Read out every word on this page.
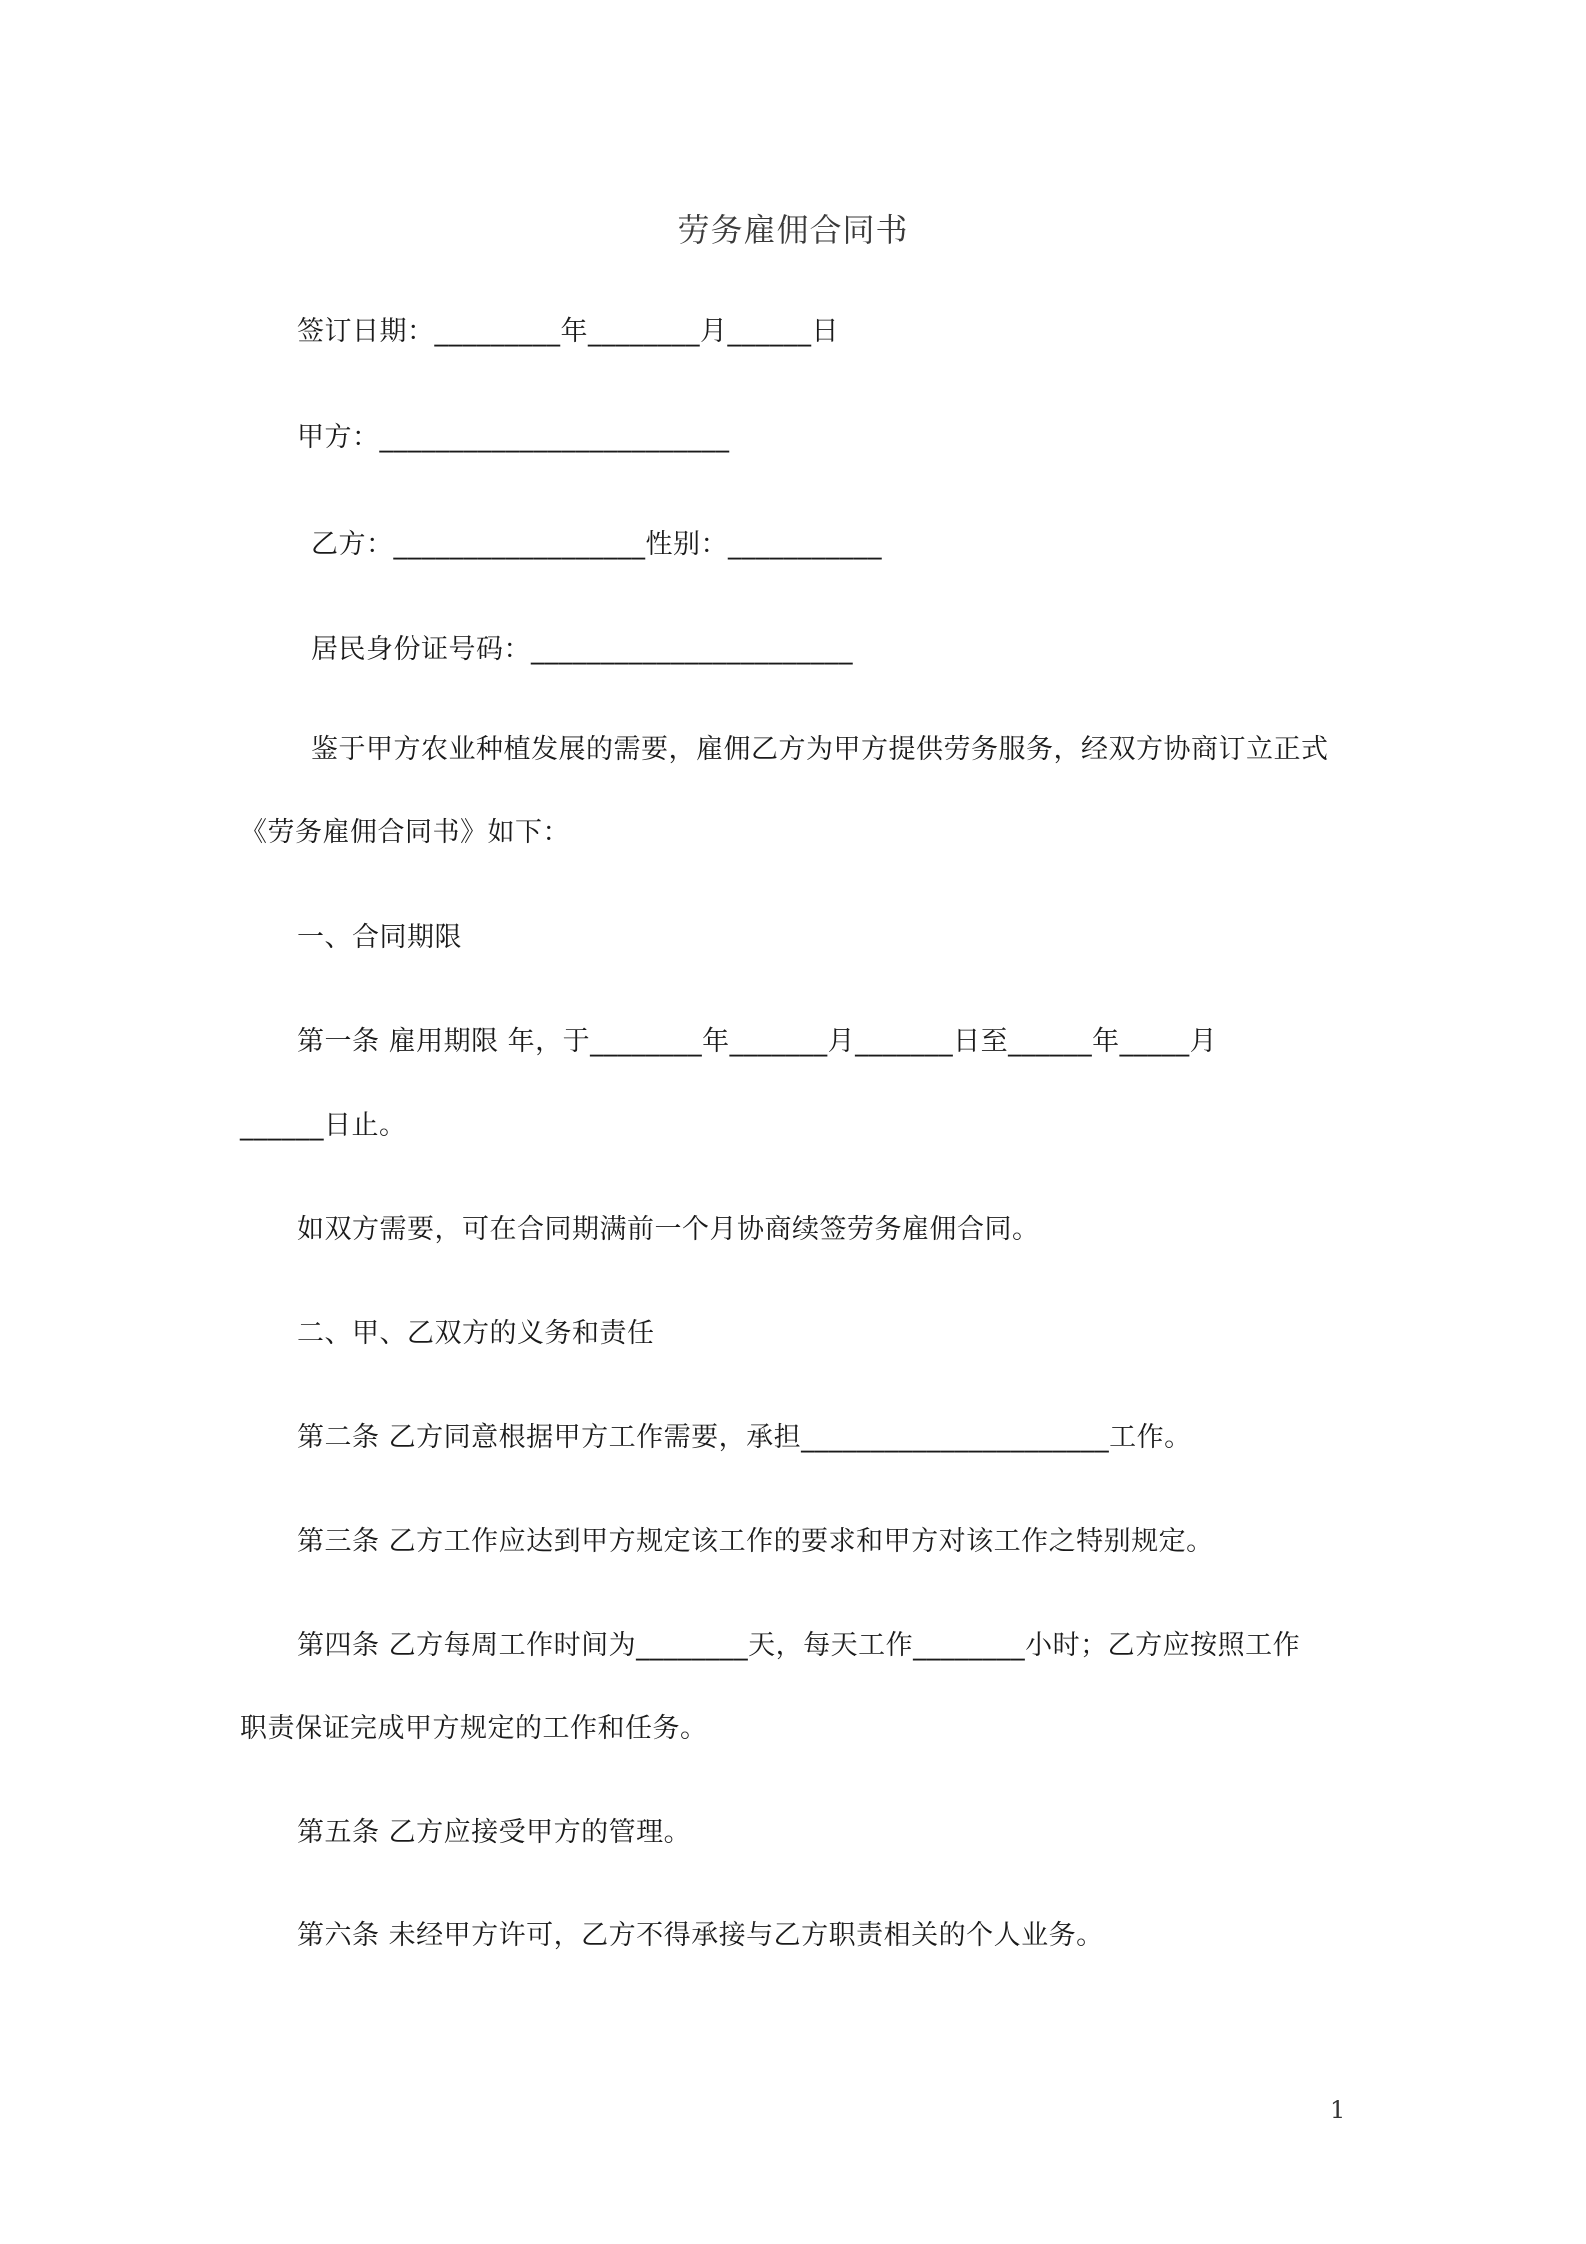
劳务雇佣合同书
签订日期：_________年________月______日
甲方：_________________________
乙方：__________________性别：___________
居民身份证号码：_______________________
鉴于甲方农业种植发展的需要，雇佣乙方为甲方提供劳务服务，经双方协商订立正式
《劳务雇佣合同书》如下：
一、合同期限
第一条 雇用期限 年，于________年_______月_______日至______年_____月
______日止。
如双方需要，可在合同期满前一个月协商续签劳务雇佣合同。
二、甲、乙双方的义务和责任
第二条 乙方同意根据甲方工作需要，承担______________________工作。
第三条 乙方工作应达到甲方规定该工作的要求和甲方对该工作之特别规定。
第四条 乙方每周工作时间为________天，每天工作________小时；乙方应按照工作
职责保证完成甲方规定的工作和任务。
第五条 乙方应接受甲方的管理。
第六条 未经甲方许可，乙方不得承接与乙方职责相关的个人业务。
1
